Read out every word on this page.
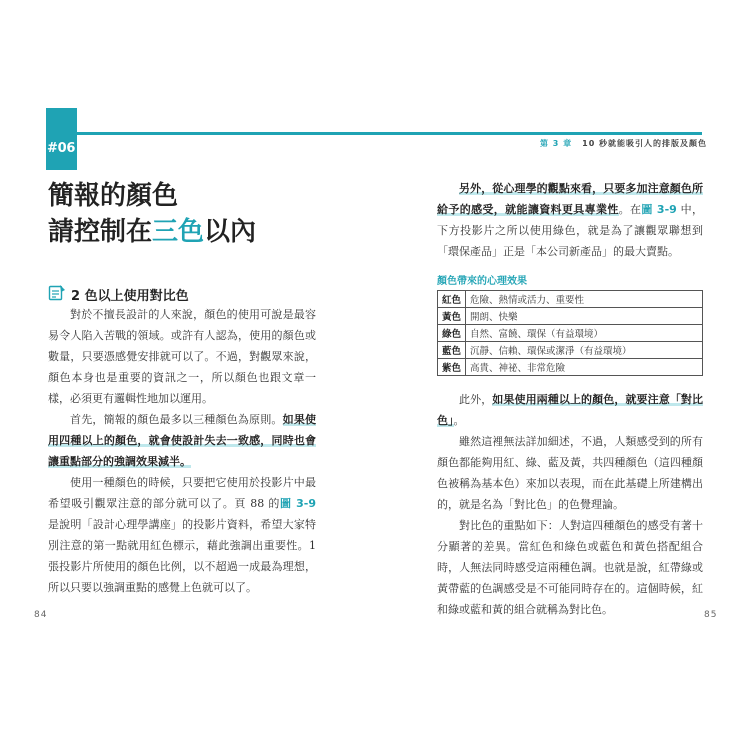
#06	第 3 章 10 秒就能吸引人的排版及顏色
簡報的顏色
請控制在三色以內
2 色以上使用對比色

對於不擅長設計的人來說，顏色的使用可說是最容易令人陷入苦戰的領域。或許有人認為，使用的顏色或數量，只要憑感覺安排就可以了。不過，對觀眾來說，顏色本身也是重要的資訊之一，所以顏色也跟文章一樣，必須更有邏輯性地加以運用。

首先，簡報的顏色最多以三種顏色為原則。如果使用四種以上的顏色，就會使設計失去一致感，同時也會讓重點部分的強調效果減半。

使用一種顏色的時候，只要把它使用於投影片中最希望吸引觀眾注意的部分就可以了。頁 88 的圖 3-9 是說明「設計心理學講座」的投影片資料，希望大家特別注意的第一點就用紅色標示，藉此強調出重要性。1 張投影片所使用的顏色比例，以不超過一成最為理想，所以只要以強調重點的感覺上色就可以了。

另外，從心理學的觀點來看，只要多加注意顏色所給予的感受，就能讓資料更具專業性。在圖 3-9 中，下方投影片之所以使用綠色，就是為了讓觀眾聯想到「環保產品」正是「本公司新產品」的最大賣點。

顏色帶來的心理效果
紅色	危險、熱情或活力、重要性
黃色	開朗、快樂
綠色	自然、富饒、環保（有益環境）
藍色	沉靜、信賴、環保或潔淨（有益環境）
紫色	高貴、神祕、非常危險

此外，如果使用兩種以上的顏色，就要注意「對比色」。

雖然這裡無法詳加細述，不過，人類感受到的所有顏色都能夠用紅、綠、藍及黃，共四種顏色（這四種顏色被稱為基本色）來加以表現，而在此基礎上所建構出的，就是名為「對比色」的色覺理論。

對比色的重點如下：人對這四種顏色的感受有著十分顯著的差異。當紅色和綠色或藍色和黃色搭配組合時，人無法同時感受這兩種色調。也就是說，紅帶綠或黃帶藍的色調感受是不可能同時存在的。這個時候，紅和綠或藍和黃的組合就稱為對比色。

84	85
